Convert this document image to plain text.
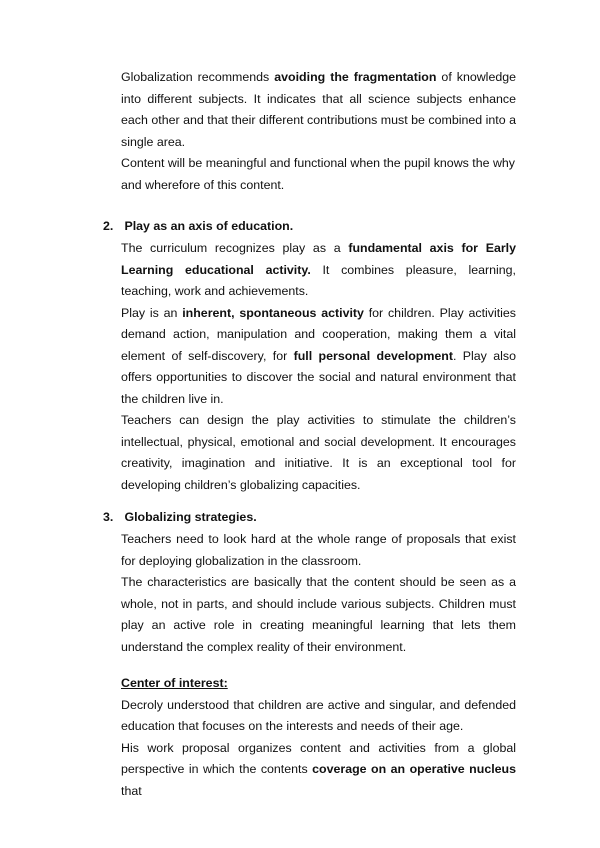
Globalization recommends avoiding the fragmentation of knowledge into different subjects. It indicates that all science subjects enhance each other and that their different contributions must be combined into a single area.

Content will be meaningful and functional when the pupil knows the why and wherefore of this content.

2. Play as an axis of education.

The curriculum recognizes play as a fundamental axis for Early Learning educational activity. It combines pleasure, learning, teaching, work and achievements.

Play is an inherent, spontaneous activity for children. Play activities demand action, manipulation and cooperation, making them a vital element of self-discovery, for full personal development. Play also offers opportunities to discover the social and natural environment that the children live in.

Teachers can design the play activities to stimulate the children’s intellectual, physical, emotional and social development. It encourages creativity, imagination and initiative. It is an exceptional tool for developing children’s globalizing capacities.

3. Globalizing strategies.

Teachers need to look hard at the whole range of proposals that exist for deploying globalization in the classroom.

The characteristics are basically that the content should be seen as a whole, not in parts, and should include various subjects. Children must play an active role in creating meaningful learning that lets them understand the complex reality of their environment.

Center of interest:

Decroly understood that children are active and singular, and defended education that focuses on the interests and needs of their age.

His work proposal organizes content and activities from a global perspective in which the contents coverage on an operative nucleus that
